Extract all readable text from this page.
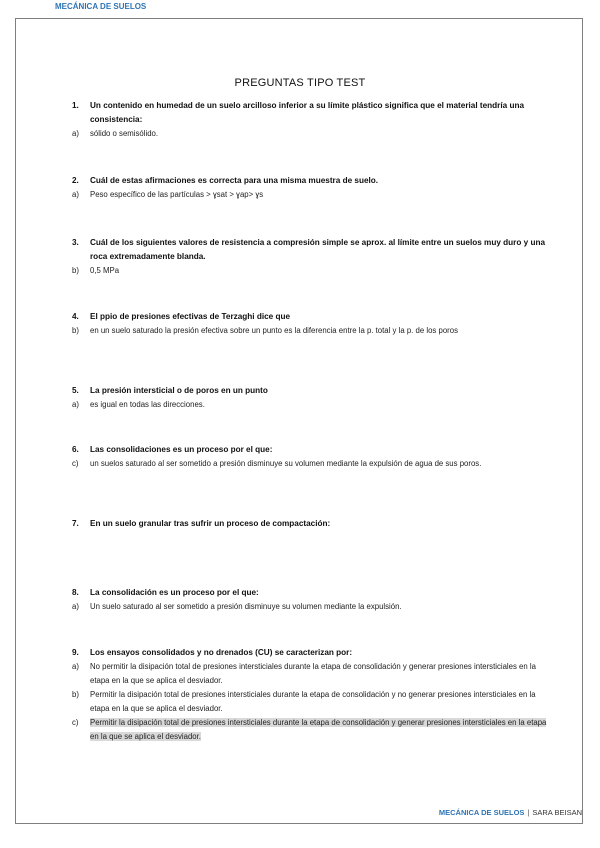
MECÁNICA DE SUELOS
PREGUNTAS TIPO TEST
1. Un contenido en humedad de un suelo arcilloso inferior a su límite plástico significa que el material tendría una consistencia:
a) sólido o semisólido.
2. Cuál de estas afirmaciones es correcta para una misma muestra de suelo.
a) Peso específico de las partículas > ɣsat > ɣap> ɣs
3. Cuál de los siguientes valores de resistencia a compresión simple se aprox. al límite entre un suelos muy duro y una roca extremadamente blanda.
b) 0,5 MPa
4. El ppio de presiones efectivas de Terzaghi dice que
b) en un suelo saturado la presión efectiva sobre un punto es la diferencia entre la p. total y la p. de los poros
5. La presión intersticial o de poros en un punto
a) es igual en todas las direcciones.
6. Las consolidaciones es un proceso por el que:
c) un suelos saturado al ser sometido a presión disminuye su volumen mediante la expulsión de agua de sus poros.
7. En un suelo granular tras sufrir un proceso de compactación:
8. La consolidación es un proceso por el que:
a) Un suelo saturado al ser sometido a presión disminuye su volumen mediante la expulsión.
9. Los ensayos consolidados y no drenados (CU) se caracterizan por:
a) No permitir la disipación total de presiones intersticiales durante la etapa de consolidación y generar presiones intersticiales en la etapa en la que se aplica el desviador.
b) Permitir la disipación total de presiones intersticiales durante la etapa de consolidación y no generar presiones intersticiales en la etapa en la que se aplica el desviador.
c) Permitir la disipación total de presiones intersticiales durante la etapa de consolidación y generar presiones intersticiales en la etapa en la que se aplica el desviador.
MECÁNICA DE SUELOS | SARA BEISAN
